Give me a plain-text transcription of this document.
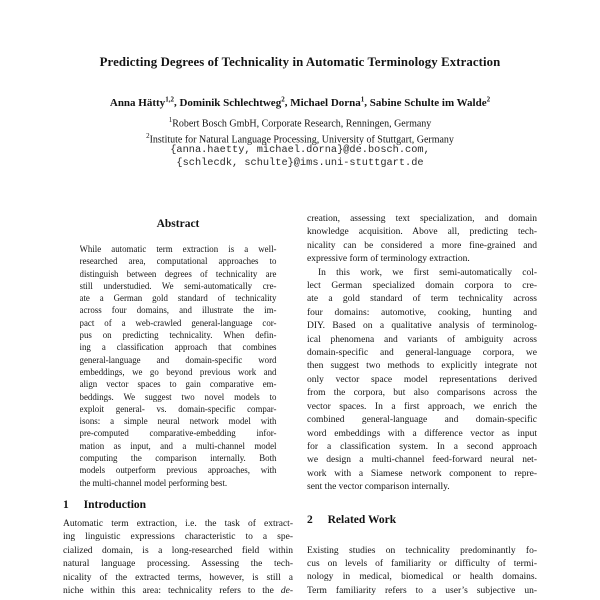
Predicting Degrees of Technicality in Automatic Terminology Extraction
Anna Hätty$^{1,2}$, Dominik Schlechtweg$^2$, Michael Dorna$^1$, Sabine Schulte im Walde$^2$
$^1$Robert Bosch GmbH, Corporate Research, Renningen, Germany
$^2$Institute for Natural Language Processing, University of Stuttgart, Germany
{anna.haetty, michael.dorna}@de.bosch.com,
{schlecdk, schulte}@ims.uni-stuttgart.de
Abstract
While automatic term extraction is a well-
researched area, computational approaches to
distinguish between degrees of technicality are
still understudied. We semi-automatically cre-
ate a German gold standard of technicality
across four domains, and illustrate the im-
pact of a web-crawled general-language cor-
pus on predicting technicality. When defin-
ing a classification approach that combines
general-language and domain-specific word
embeddings, we go beyond previous work and
align vector spaces to gain comparative em-
beddings. We suggest two novel models to
exploit general- vs. domain-specific compar-
isons: a simple neural network model with
pre-computed comparative-embedding infor-
mation as input, and a multi-channel model
computing the comparison internally. Both
models outperform previous approaches, with
the multi-channel model performing best.
1 Introduction
Automatic term extraction, i.e. the task of extract-
ing linguistic expressions characteristic to a spe-
cialized domain, is a long-researched field within
natural language processing. Assessing the tech-
nicality of the extracted terms, however, is still a
niche within this area: technicality refers to the de-
creation, assessing text specialization, and domain
knowledge acquisition. Above all, predicting tech-
nicality can be considered a more fine-grained and
expressive form of terminology extraction.
In this work, we first semi-automatically col-
lect German specialized domain corpora to cre-
ate a gold standard of term technicality across
four domains: automotive, cooking, hunting and
DIY. Based on a qualitative analysis of terminolog-
ical phenomena and variants of ambiguity across
domain-specific and general-language corpora, we
then suggest two methods to explicitly integrate not
only vector space model representations derived
from the corpora, but also comparisons across the
vector spaces. In a first approach, we enrich the
combined general-language and domain-specific
word embeddings with a difference vector as input
for a classification system. In a second approach
we design a multi-channel feed-forward neural net-
work with a Siamese network component to repre-
sent the vector comparison internally.
2 Related Work
Existing studies on technicality predominantly fo-
cus on levels of familiarity or difficulty of termi-
nology in medical, biomedical or health domains.
Term familiarity refers to a user’s subjective un-
